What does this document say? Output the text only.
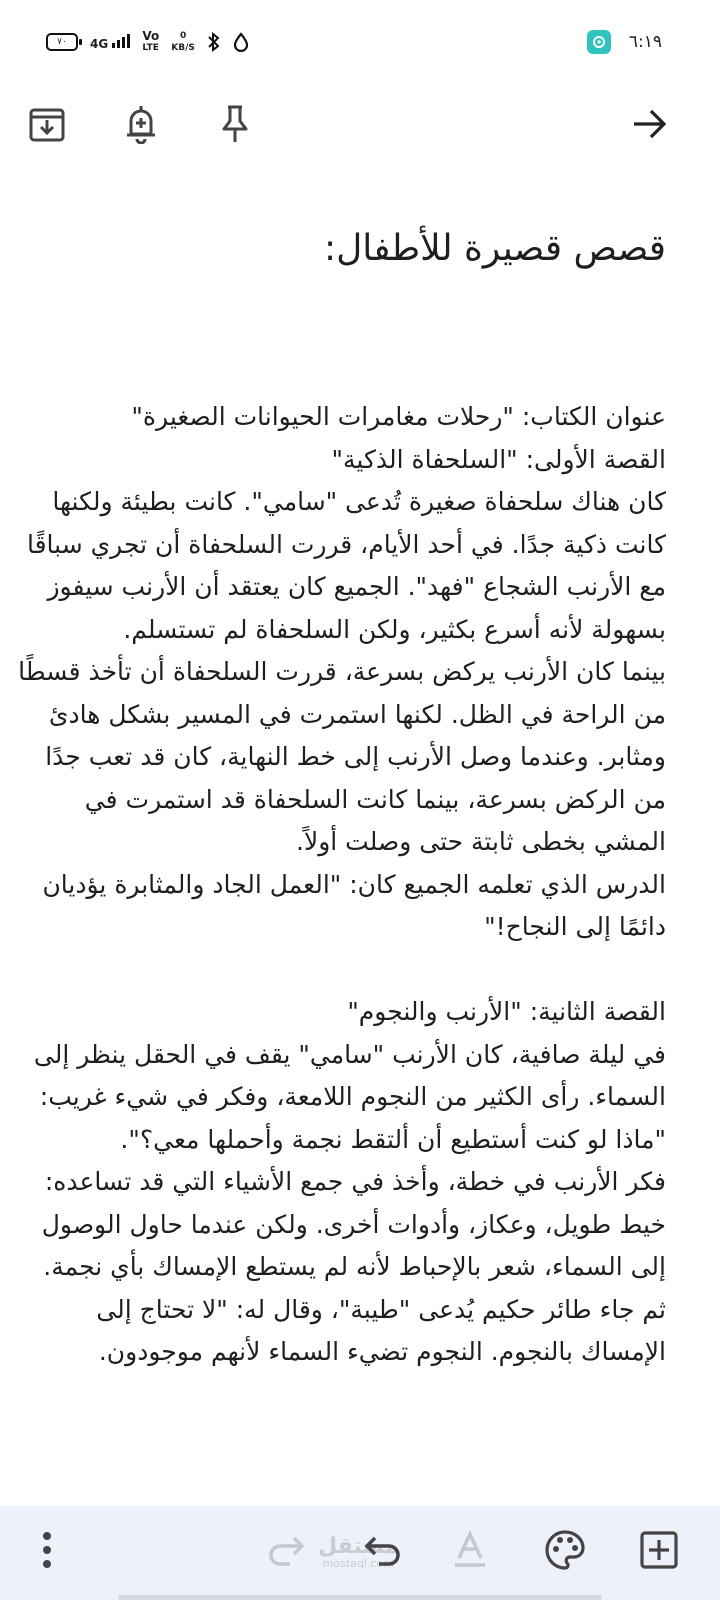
٧٠	4G
Vo
LTE
0
KB/S	٦:١٩
قصص قصيرة للأطفال:

عنوان الكتاب: "رحلات مغامرات الحيوانات الصغيرة"
القصة الأولى: "السلحفاة الذكية"
كان هناك سلحفاة صغيرة تُدعى "سامي". كانت بطيئة ولكنها كانت ذكية جدًا. في أحد الأيام، قررت السلحفاة أن تجري سباقًا مع الأرنب الشجاع "فهد". الجميع كان يعتقد أن الأرنب سيفوز بسهولة لأنه أسرع بكثير، ولكن السلحفاة لم تستسلم.
بينما كان الأرنب يركض بسرعة، قررت السلحفاة أن تأخذ قسطًا من الراحة في الظل. لكنها استمرت في المسير بشكل هادئ ومثابر. وعندما وصل الأرنب إلى خط النهاية، كان قد تعب جدًا من الركض بسرعة، بينما كانت السلحفاة قد استمرت في المشي بخطى ثابتة حتى وصلت أولاً.
الدرس الذي تعلمه الجميع كان: "العمل الجاد والمثابرة يؤديان دائمًا إلى النجاح!"

القصة الثانية: "الأرنب والنجوم"
في ليلة صافية، كان الأرنب "سامي" يقف في الحقل ينظر إلى السماء. رأى الكثير من النجوم اللامعة، وفكر في شيء غريب: "ماذا لو كنت أستطيع أن ألتقط نجمة وأحملها معي؟".
فكر الأرنب في خطة، وأخذ في جمع الأشياء التي قد تساعده: خيط طويل، وعكاز، وأدوات أخرى. ولكن عندما حاول الوصول إلى السماء، شعر بالإحباط لأنه لم يستطع الإمساك بأي نجمة.
ثم جاء طائر حكيم يُدعى "طيبة"، وقال له: "لا تحتاج إلى الإمساك بالنجوم. النجوم تضيء السماء لأنهم موجودون.

مستقل
mostaql.com
